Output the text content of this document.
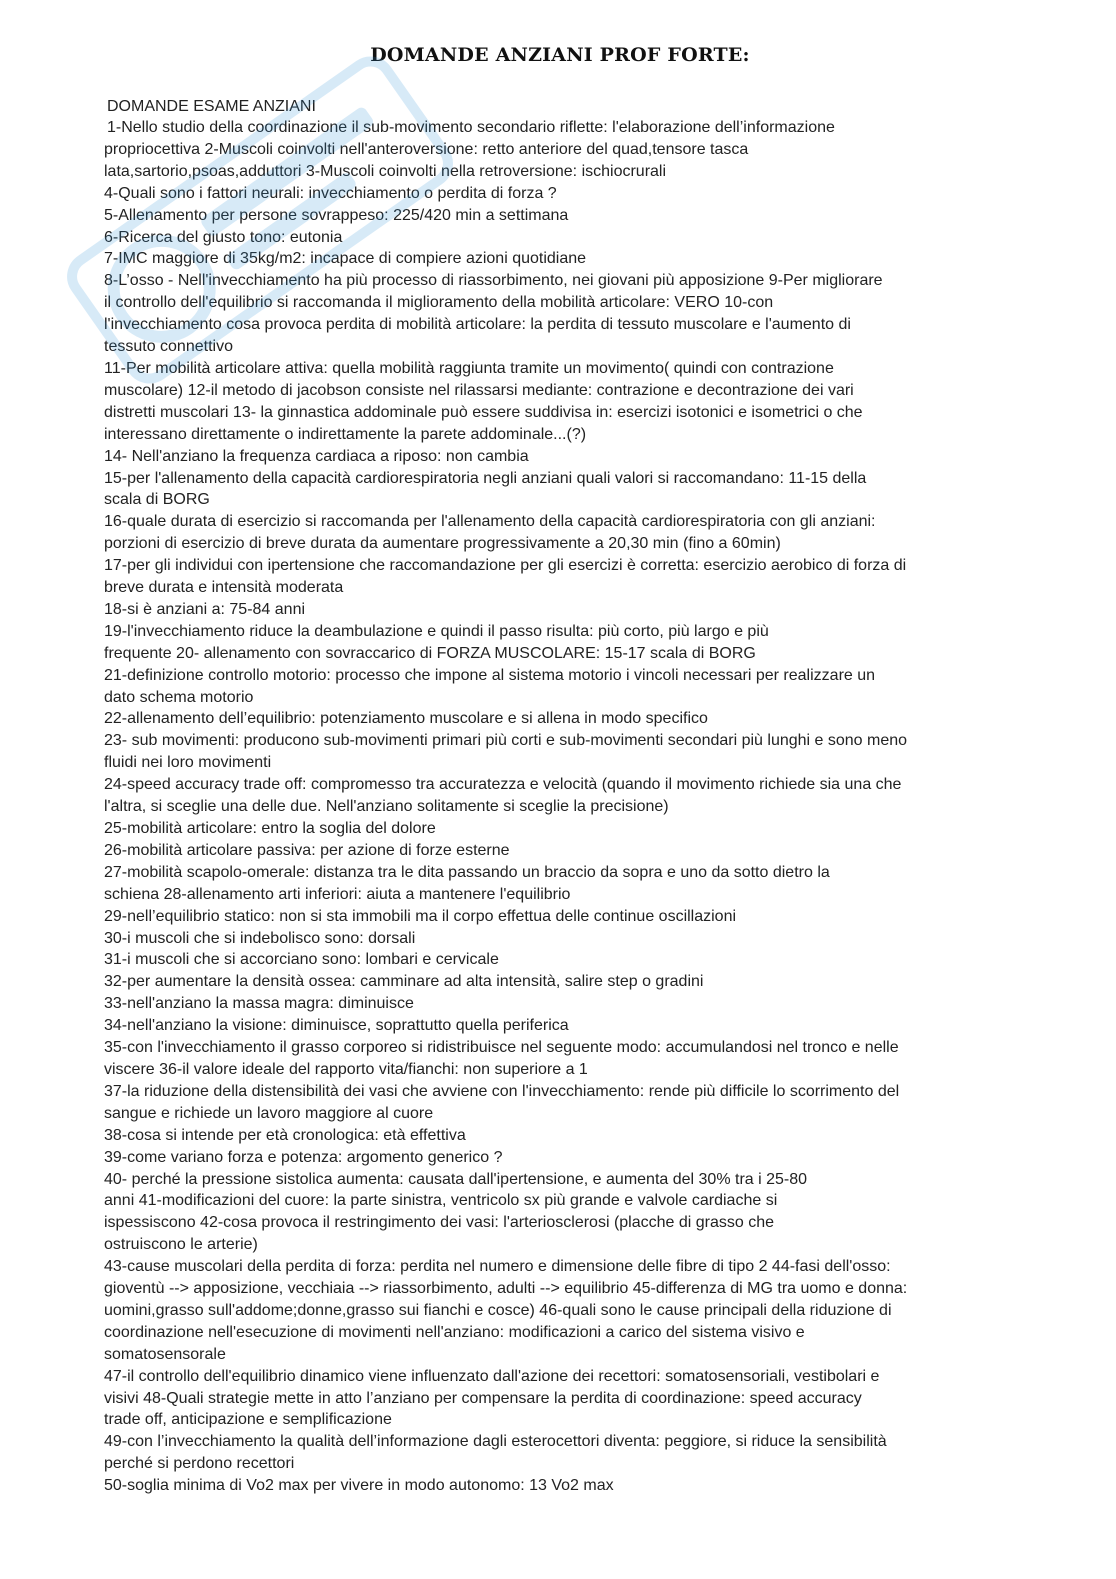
DOMANDE ANZIANI PROF FORTE:
DOMANDE ESAME ANZIANI
1-Nello studio della coordinazione il sub-movimento secondario riflette: l'elaborazione dell’informazione
propriocettiva 2-Muscoli coinvolti nell'anteroversione: retto anteriore del quad,tensore tasca
lata,sartorio,psoas,adduttori 3-Muscoli coinvolti nella retroversione: ischiocrurali
4-Quali sono i fattori neurali: invecchiamento o perdita di forza ?
5-Allenamento per persone sovrappeso: 225/420 min a settimana
6-Ricerca del giusto tono: eutonia
7-IMC maggiore di 35kg/m2: incapace di compiere azioni quotidiane
8-L’osso - Nell'invecchiamento ha più processo di riassorbimento, nei giovani più apposizione 9-Per migliorare
il controllo dell'equilibrio si raccomanda il miglioramento della mobilità articolare: VERO 10-con
l'invecchiamento cosa provoca perdita di mobilità articolare: la perdita di tessuto muscolare e l'aumento di
tessuto connettivo
11-Per mobilità articolare attiva: quella mobilità raggiunta tramite un movimento( quindi con contrazione
muscolare) 12-il metodo di jacobson consiste nel rilassarsi mediante: contrazione e decontrazione dei vari
distretti muscolari 13- la ginnastica addominale può essere suddivisa in: esercizi isotonici e isometrici o che
interessano direttamente o indirettamente la parete addominale...(?)
14- Nell'anziano la frequenza cardiaca a riposo: non cambia
15-per l'allenamento della capacità cardiorespiratoria negli anziani quali valori si raccomandano: 11-15 della
scala di BORG
16-quale durata di esercizio si raccomanda per l'allenamento della capacità cardiorespiratoria con gli anziani:
porzioni di esercizio di breve durata da aumentare progressivamente a 20,30 min (fino a 60min)
17-per gli individui con ipertensione che raccomandazione per gli esercizi è corretta: esercizio aerobico di forza di
breve durata e intensità moderata
18-si è anziani a: 75-84 anni
19-l'invecchiamento riduce la deambulazione e quindi il passo risulta: più corto, più largo e più
frequente 20- allenamento con sovraccarico di FORZA MUSCOLARE: 15-17 scala di BORG
21-definizione controllo motorio: processo che impone al sistema motorio i vincoli necessari per realizzare un
dato schema motorio
22-allenamento dell’equilibrio: potenziamento muscolare e si allena in modo specifico
23- sub movimenti: producono sub-movimenti primari più corti e sub-movimenti secondari più lunghi e sono meno
fluidi nei loro movimenti
24-speed accuracy trade off: compromesso tra accuratezza e velocità (quando il movimento richiede sia una che
l'altra, si sceglie una delle due. Nell'anziano solitamente si sceglie la precisione)
25-mobilità articolare: entro la soglia del dolore
26-mobilità articolare passiva: per azione di forze esterne
27-mobilità scapolo-omerale: distanza tra le dita passando un braccio da sopra e uno da sotto dietro la
schiena 28-allenamento arti inferiori: aiuta a mantenere l'equilibrio
29-nell’equilibrio statico: non si sta immobili ma il corpo effettua delle continue oscillazioni
30-i muscoli che si indebolisco sono: dorsali
31-i muscoli che si accorciano sono: lombari e cervicale
32-per aumentare la densità ossea: camminare ad alta intensità, salire step o gradini
33-nell'anziano la massa magra: diminuisce
34-nell'anziano la visione: diminuisce, soprattutto quella periferica
35-con l'invecchiamento il grasso corporeo si ridistribuisce nel seguente modo: accumulandosi nel tronco e nelle
viscere 36-il valore ideale del rapporto vita/fianchi: non superiore a 1
37-la riduzione della distensibilità dei vasi che avviene con l'invecchiamento: rende più difficile lo scorrimento del
sangue e richiede un lavoro maggiore al cuore
38-cosa si intende per età cronologica: età effettiva
39-come variano forza e potenza: argomento generico ?
40- perché la pressione sistolica aumenta: causata dall'ipertensione, e aumenta del 30% tra i 25-80
anni 41-modificazioni del cuore: la parte sinistra, ventricolo sx più grande e valvole cardiache si
ispessiscono 42-cosa provoca il restringimento dei vasi: l'arteriosclerosi (placche di grasso che
ostruiscono le arterie)
43-cause muscolari della perdita di forza: perdita nel numero e dimensione delle fibre di tipo 2 44-fasi dell'osso:
gioventù --> apposizione, vecchiaia --> riassorbimento, adulti --> equilibrio 45-differenza di MG tra uomo e donna:
uomini,grasso sull'addome;donne,grasso sui fianchi e cosce) 46-quali sono le cause principali della riduzione di
coordinazione nell'esecuzione di movimenti nell'anziano: modificazioni a carico del sistema visivo e
somatosensorale
47-il controllo dell'equilibrio dinamico viene influenzato dall'azione dei recettori: somatosensoriali, vestibolari e
visivi 48-Quali strategie mette in atto l’anziano per compensare la perdita di coordinazione: speed accuracy
trade off, anticipazione e semplificazione
49-con l’invecchiamento la qualità dell’informazione dagli esterocettori diventa: peggiore, si riduce la sensibilità
perché si perdono recettori
50-soglia minima di Vo2 max per vivere in modo autonomo: 13 Vo2 max
